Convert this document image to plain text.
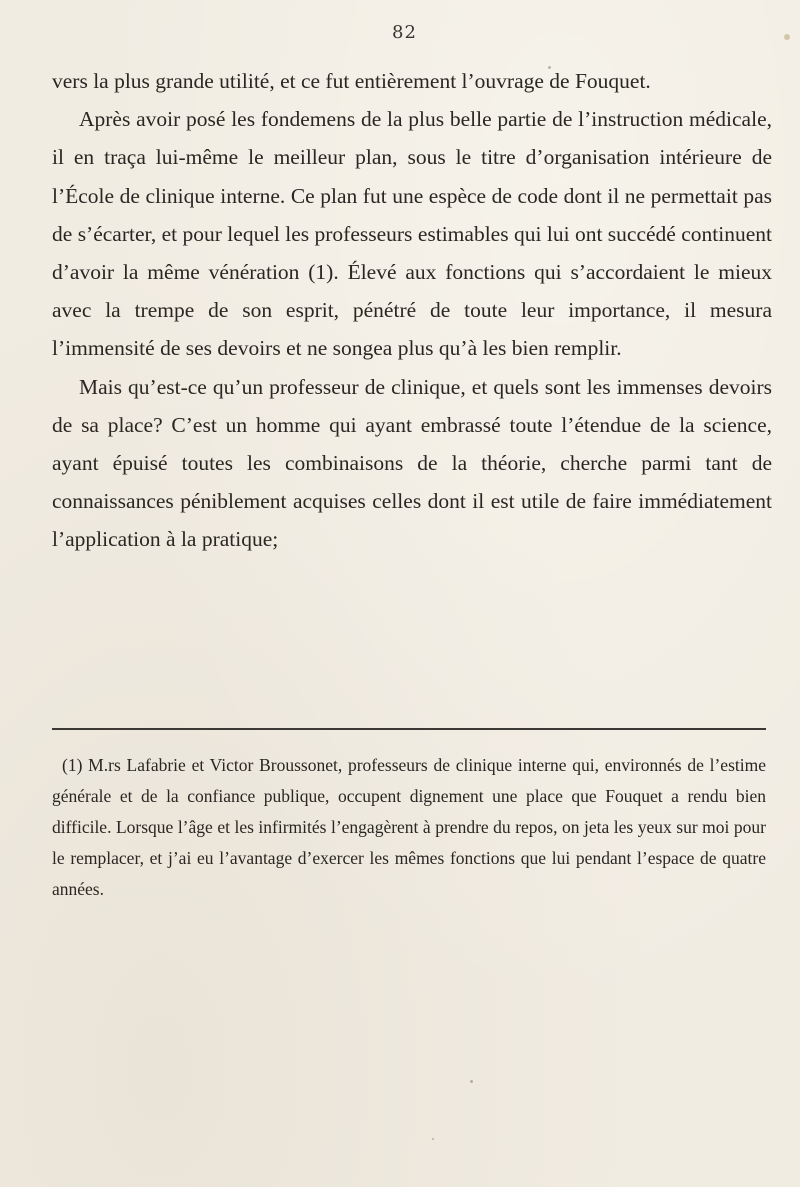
82

vers la plus grande utilité, et ce fut entièrement l’ouvrage de Fouquet.

Après avoir posé les fondemens de la plus belle partie de l’instruction médicale, il en traça lui-même le meilleur plan, sous le titre d’organisation intérieure de l’École de clinique interne. Ce plan fut une espèce de code dont il ne permettait pas de s’écarter, et pour lequel les professeurs estimables qui lui ont succédé continuent d’avoir la même vénération (1). Élevé aux fonctions qui s’accordaient le mieux avec la trempe de son esprit, pénétré de toute leur importance, il mesura l’immensité de ses devoirs et ne songea plus qu’à les bien remplir.

Mais qu’est-ce qu’un professeur de clinique, et quels sont les immenses devoirs de sa place? C’est un homme qui ayant embrassé toute l’étendue de la science, ayant épuisé toutes les combinaisons de la théorie, cherche parmi tant de connaissances péniblement acquises celles dont il est utile de faire immédiatement l’application à la pratique;

(1) M.rs Lafabrie et Victor Broussonet, professeurs de clinique interne qui, environnés de l’estime générale et de la confiance publique, occupent dignement une place que Fouquet a rendu bien difficile. Lorsque l’âge et les infirmités l’engagèrent à prendre du repos, on jeta les yeux sur moi pour le remplacer, et j’ai eu l’avantage d’exercer les mêmes fonctions que lui pendant l’espace de quatre années.
